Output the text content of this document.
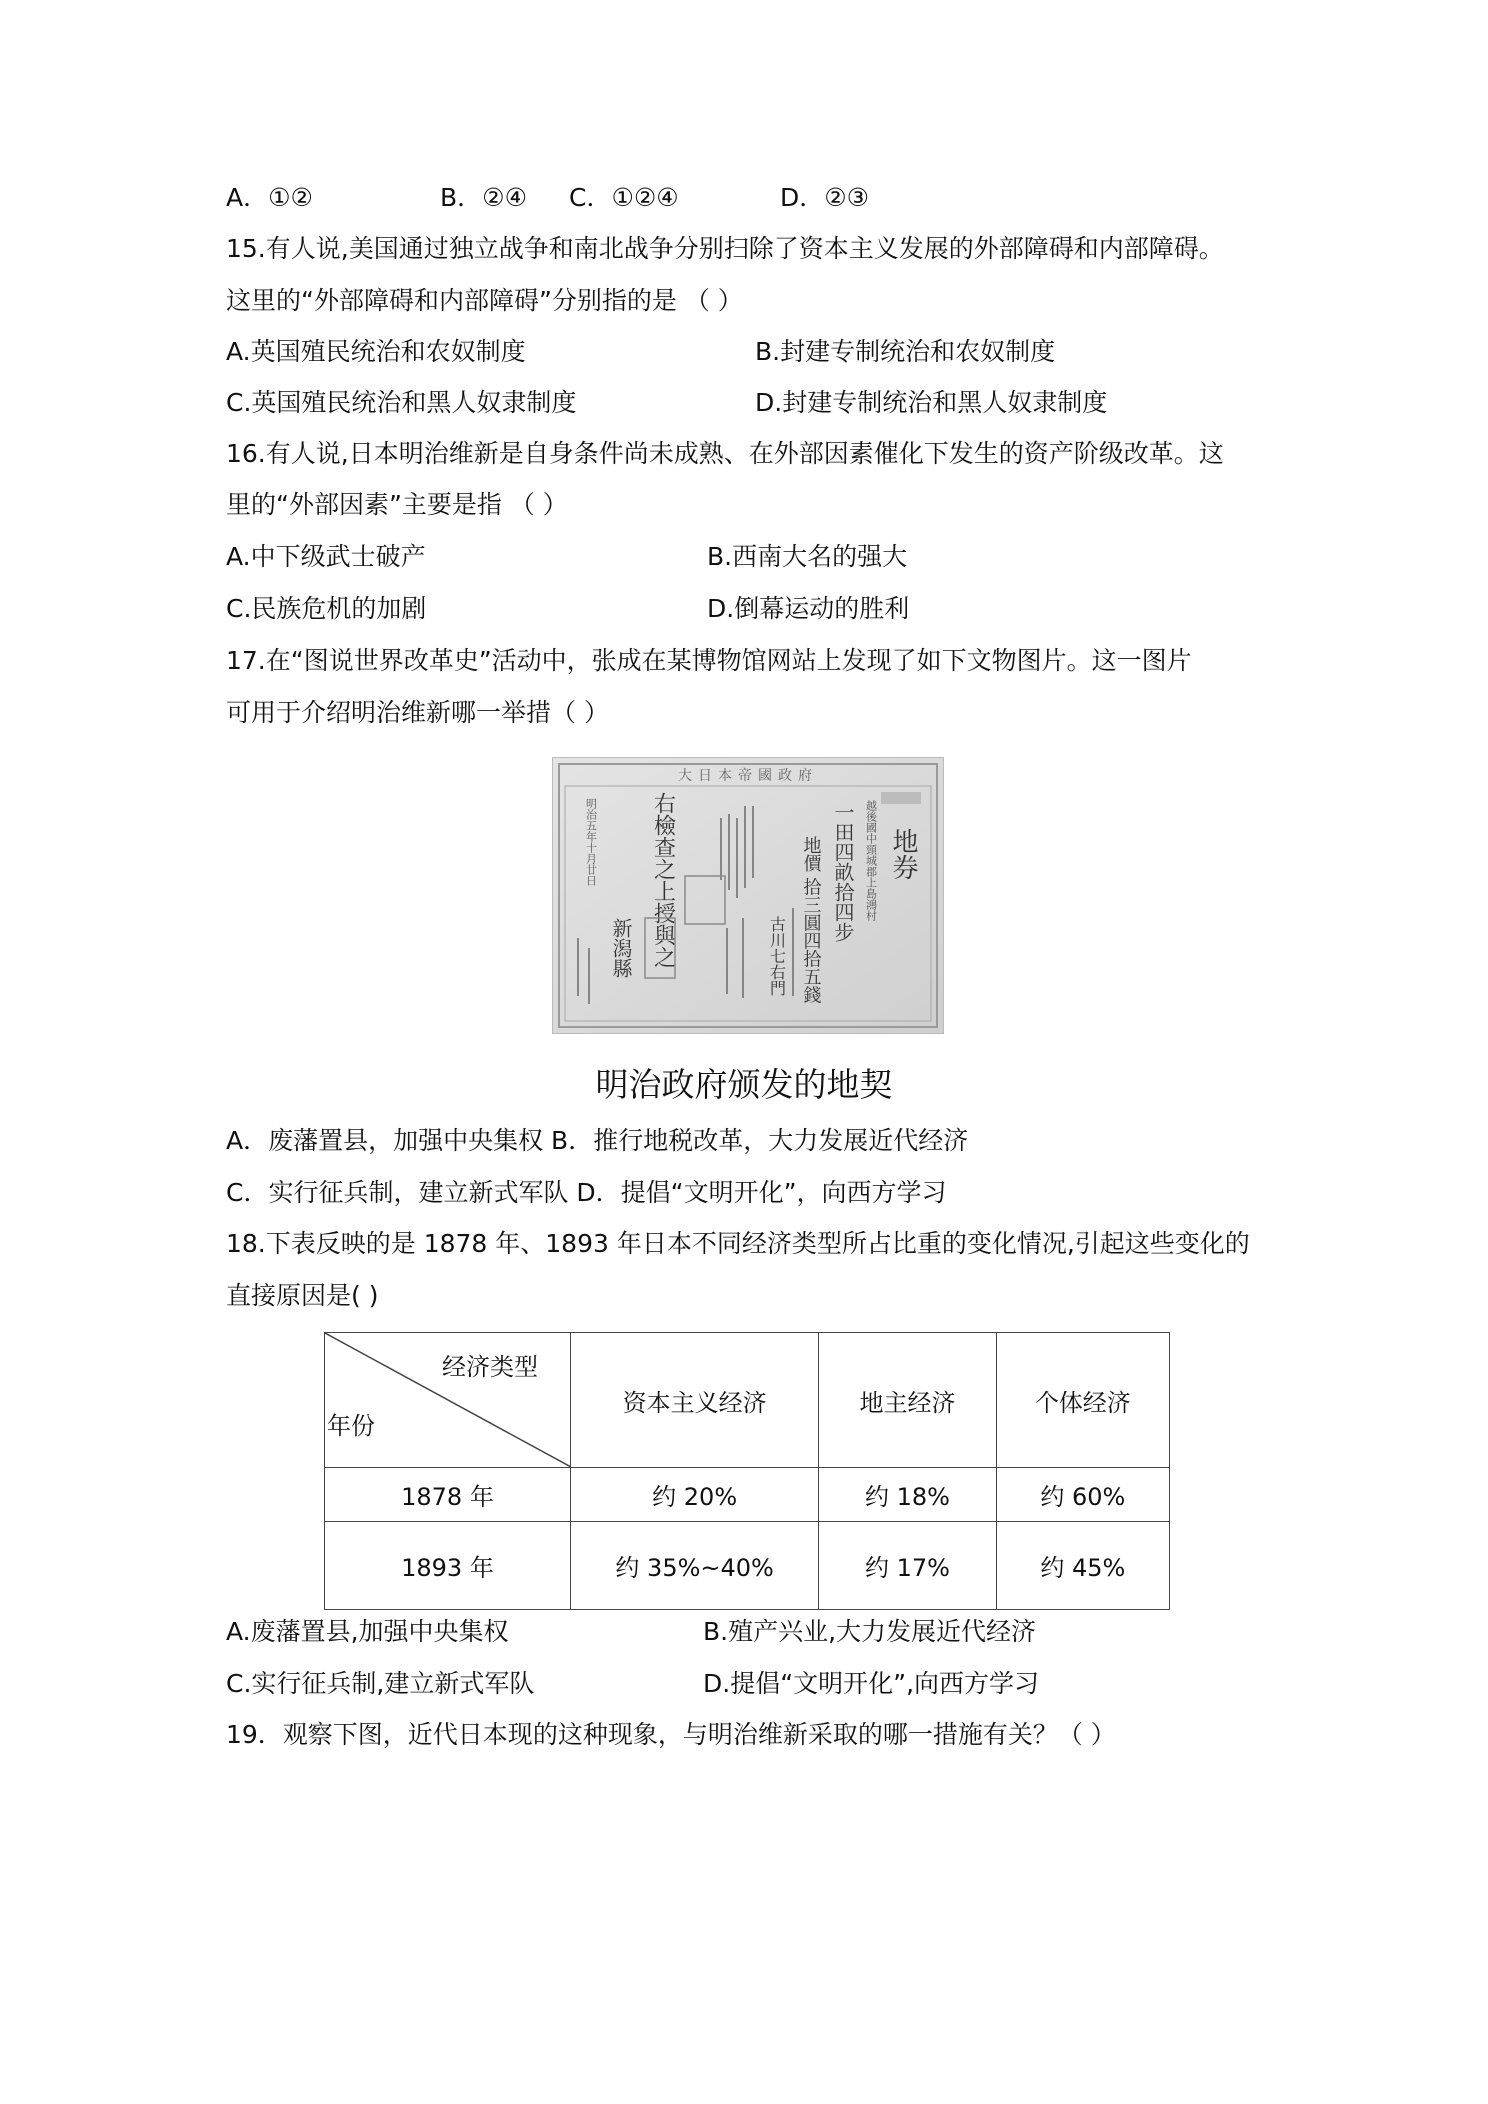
A．①②	B．②④ C．①②④	D．②③
15.有人说,美国通过独立战争和南北战争分别扫除了资本主义发展的外部障碍和内部障碍。
这里的“外部障碍和内部障碍”分别指的是 （ ）
A.英国殖民统治和农奴制度	B.封建专制统治和农奴制度
C.英国殖民统治和黑人奴隶制度	D.封建专制统治和黑人奴隶制度
16.有人说,日本明治维新是自身条件尚未成熟、在外部因素催化下发生的资产阶级改革。这
里的“外部因素”主要是指 （ ）
A.中下级武士破产	B.西南大名的强大
C.民族危机的加剧	D.倒幕运动的胜利
17.在“图说世界改革史”活动中，张成在某博物馆网站上发现了如下文物图片。这一图片
可用于介绍明治维新哪一举措（ ）
大日本帝國政府
地券
越後國中頸城郡上島鴻村
一田四畝拾四步
地價 拾三圓四拾五錢
古川七右門
右檢查之上授與之
新潟縣
明治五年十月廿日
明治政府颁发的地契
A．废藩置县，加强中央集权 B．推行地税改革，大力发展近代经济
C．实行征兵制，建立新式军队 D．提倡“文明开化”，向西方学习
18.下表反映的是 1878 年、1893 年日本不同经济类型所占比重的变化情况,引起这些变化的
直接原因是( )
经济类型
年份	资本主义经济	地主经济	个体经济
1878 年	约 20%	约 18%	约 60%
1893 年	约 35%~40%	约 17%	约 45%
A.废藩置县,加强中央集权	B.殖产兴业,大力发展近代经济
C.实行征兵制,建立新式军队	D.提倡“文明开化”,向西方学习
19．观察下图，近代日本现的这种现象，与明治维新采取的哪一措施有关？（ ）
